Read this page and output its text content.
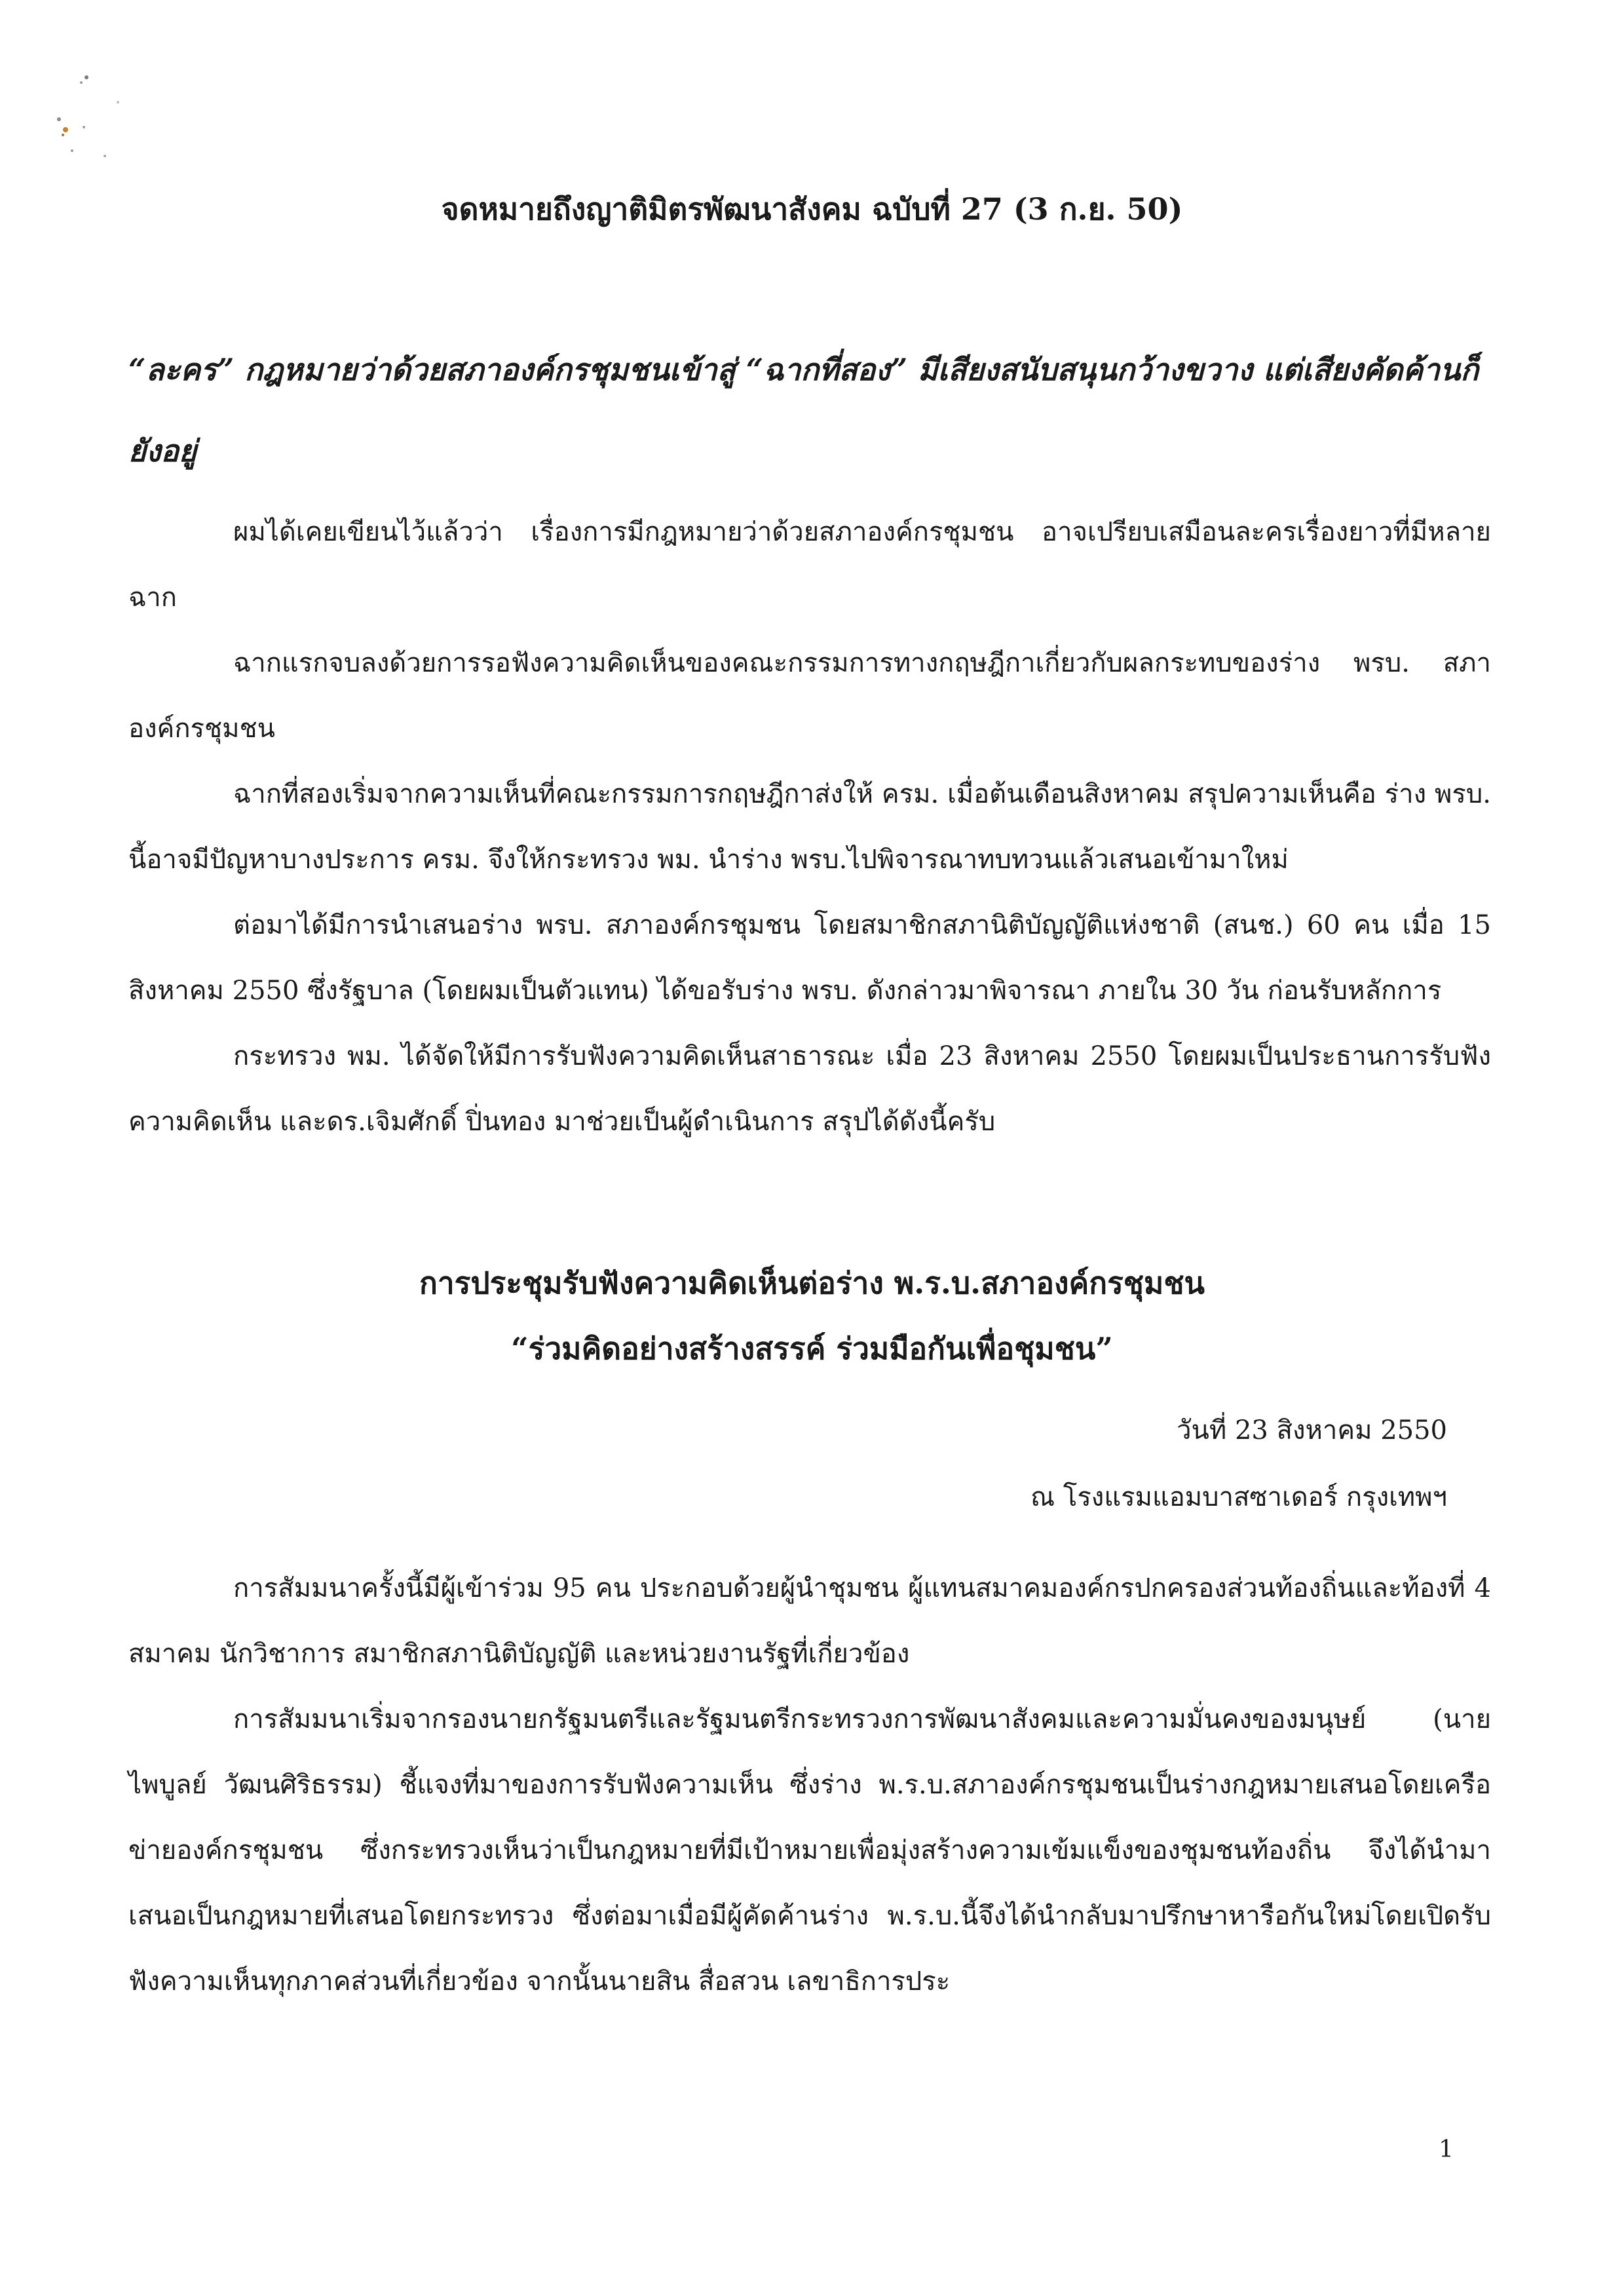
จดหมายถึงญาติมิตรพัฒนาสังคม ฉบับที่ 27 (3 ก.ย. 50)
“ละคร” กฎหมายว่าด้วยสภาองค์กรชุมชนเข้าสู่ “ฉากที่สอง” มีเสียงสนับสนุนกว้างขวาง แต่เสียงคัดค้านก็ยังอยู่

ผมได้เคยเขียนไว้แล้วว่า เรื่องการมีกฎหมายว่าด้วยสภาองค์กรชุมชน อาจเปรียบเสมือนละครเรื่องยาวที่มีหลายฉาก

ฉากแรกจบลงด้วยการรอฟังความคิดเห็นของคณะกรรมการทางกฤษฎีกาเกี่ยวกับผลกระทบของร่าง พรบ. สภาองค์กรชุมชน

ฉากที่สองเริ่มจากความเห็นที่คณะกรรมการกฤษฎีกาส่งให้ ครม. เมื่อต้นเดือนสิงหาคม สรุปความเห็นคือ ร่าง พรบ. นี้อาจมีปัญหาบางประการ ครม. จึงให้กระทรวง พม. นำร่าง พรบ.ไปพิจารณาทบทวนแล้วเสนอเข้ามาใหม่

ต่อมาได้มีการนำเสนอร่าง พรบ. สภาองค์กรชุมชน โดยสมาชิกสภานิติบัญญัติแห่งชาติ (สนช.) 60 คน เมื่อ 15 สิงหาคม 2550 ซึ่งรัฐบาล (โดยผมเป็นตัวแทน) ได้ขอรับร่าง พรบ. ดังกล่าวมาพิจารณา ภายใน 30 วัน ก่อนรับหลักการ

กระทรวง พม. ได้จัดให้มีการรับฟังความคิดเห็นสาธารณะ เมื่อ 23 สิงหาคม 2550 โดยผมเป็นประธานการรับฟังความคิดเห็น และดร.เจิมศักดิ์ ปิ่นทอง มาช่วยเป็นผู้ดำเนินการ สรุปได้ดังนี้ครับ

การประชุมรับฟังความคิดเห็นต่อร่าง พ.ร.บ.สภาองค์กรชุมชน
“ร่วมคิดอย่างสร้างสรรค์ ร่วมมือกันเพื่อชุมชน”
วันที่ 23 สิงหาคม 2550
ณ โรงแรมแอมบาสซาเดอร์ กรุงเทพฯ

การสัมมนาครั้งนี้มีผู้เข้าร่วม 95 คน ประกอบด้วยผู้นำชุมชน ผู้แทนสมาคมองค์กรปกครองส่วนท้องถิ่นและท้องที่ 4 สมาคม นักวิชาการ สมาชิกสภานิติบัญญัติ และหน่วยงานรัฐที่เกี่ยวข้อง

การสัมมนาเริ่มจากรองนายกรัฐมนตรีและรัฐมนตรีกระทรวงการพัฒนาสังคมและความมั่นคงของมนุษย์ (นายไพบูลย์ วัฒนศิริธรรม) ชี้แจงที่มาของการรับฟังความเห็น ซึ่งร่าง พ.ร.บ.สภาองค์กรชุมชนเป็นร่างกฎหมายเสนอโดยเครือข่ายองค์กรชุมชน ซึ่งกระทรวงเห็นว่าเป็นกฎหมายที่มีเป้าหมายเพื่อมุ่งสร้างความเข้มแข็งของชุมชนท้องถิ่น จึงได้นำมาเสนอเป็นกฎหมายที่เสนอโดยกระทรวง ซึ่งต่อมาเมื่อมีผู้คัดค้านร่าง พ.ร.บ.นี้จึงได้นำกลับมาปรึกษาหารือกันใหม่โดยเปิดรับฟังความเห็นทุกภาคส่วนที่เกี่ยวข้อง จากนั้นนายสิน สื่อสวน เลขาธิการประ

1
